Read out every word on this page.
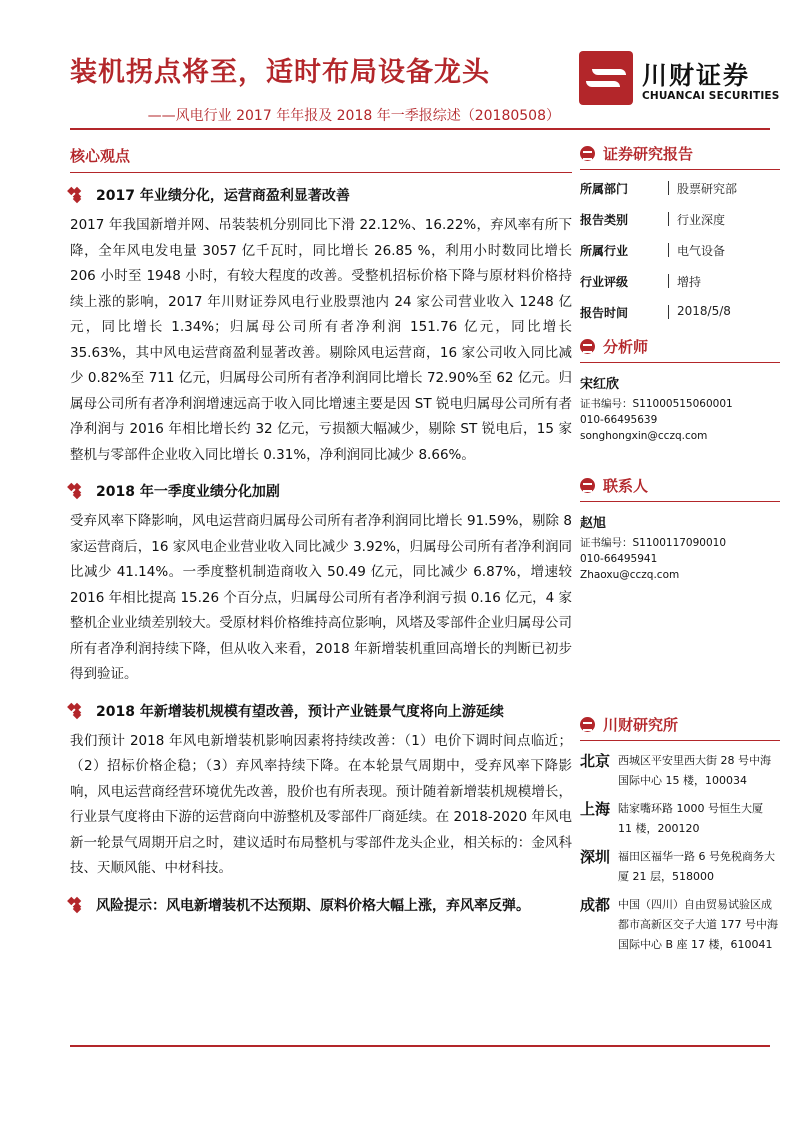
装机拐点将至，适时布局设备龙头
——风电行业 2017 年年报及 2018 年一季报综述（20180508）
川财证券
CHUANCAI SECURITIES
核心观点
2017 年业绩分化，运营商盈利显著改善

2017 年我国新增并网、吊装装机分别同比下滑 22.12%、16.22%，弃风率有所下降，全年风电发电量 3057 亿千瓦时，同比增长 26.85 %，利用小时数同比增长 206 小时至 1948 小时，有较大程度的改善。受整机招标价格下降与原材料价格持续上涨的影响，2017 年川财证券风电行业股票池内 24 家公司营业收入 1248 亿元，同比增长 1.34%；归属母公司所有者净利润 151.76 亿元，同比增长 35.63%，其中风电运营商盈利显著改善。剔除风电运营商，16 家公司收入同比减少 0.82%至 711 亿元，归属母公司所有者净利润同比增长 72.90%至 62 亿元。归属母公司所有者净利润增速远高于收入同比增速主要是因 ST 锐电归属母公司所有者净利润与 2016 年相比增长约 32 亿元，亏损额大幅减少，剔除 ST 锐电后，15 家整机与零部件企业收入同比增长 0.31%，净利润同比减少 8.66%。

2018 年一季度业绩分化加剧

受弃风率下降影响，风电运营商归属母公司所有者净利润同比增长 91.59%，剔除 8 家运营商后，16 家风电企业营业收入同比减少 3.92%，归属母公司所有者净利润同比减少 41.14%。一季度整机制造商收入 50.49 亿元，同比减少 6.87%，增速较 2016 年相比提高 15.26 个百分点，归属母公司所有者净利润亏损 0.16 亿元，4 家整机企业业绩差别较大。受原材料价格维持高位影响，风塔及零部件企业归属母公司所有者净利润持续下降，但从收入来看，2018 年新增装机重回高增长的判断已初步得到验证。

2018 年新增装机规模有望改善，预计产业链景气度将向上游延续

我们预计 2018 年风电新增装机影响因素将持续改善：（1）电价下调时间点临近；（2）招标价格企稳；（3）弃风率持续下降。在本轮景气周期中，受弃风率下降影响，风电运营商经营环境优先改善，股价也有所表现。预计随着新增装机规模增长，行业景气度将由下游的运营商向中游整机及零部件厂商延续。在 2018-2020 年风电新一轮景气周期开启之时，建议适时布局整机与零部件龙头企业，相关标的：金风科技、天顺风能、中材科技。

风险提示：风电新增装机不达预期、原料价格大幅上涨，弃风率反弹。
证券研究报告
所属部门	股票研究部
报告类别	行业深度
所属行业	电气设备
行业评级	增持
报告时间	2018/5/8
分析师
宋红欣
证书编号：S11000515060001
010-66495639
songhongxin@cczq.com
联系人
赵旭
证书编号：S1100117090010
010-66495941
Zhaoxu@cczq.com
川财研究所
北京 西城区平安里西大街 28 号中海国际中心 15 楼，100034
上海 陆家嘴环路 1000 号恒生大厦 11 楼，200120
深圳 福田区福华一路 6 号免税商务大厦 21 层，518000
成都 中国（四川）自由贸易试验区成都市高新区交子大道 177 号中海国际中心 B 座 17 楼，610041
